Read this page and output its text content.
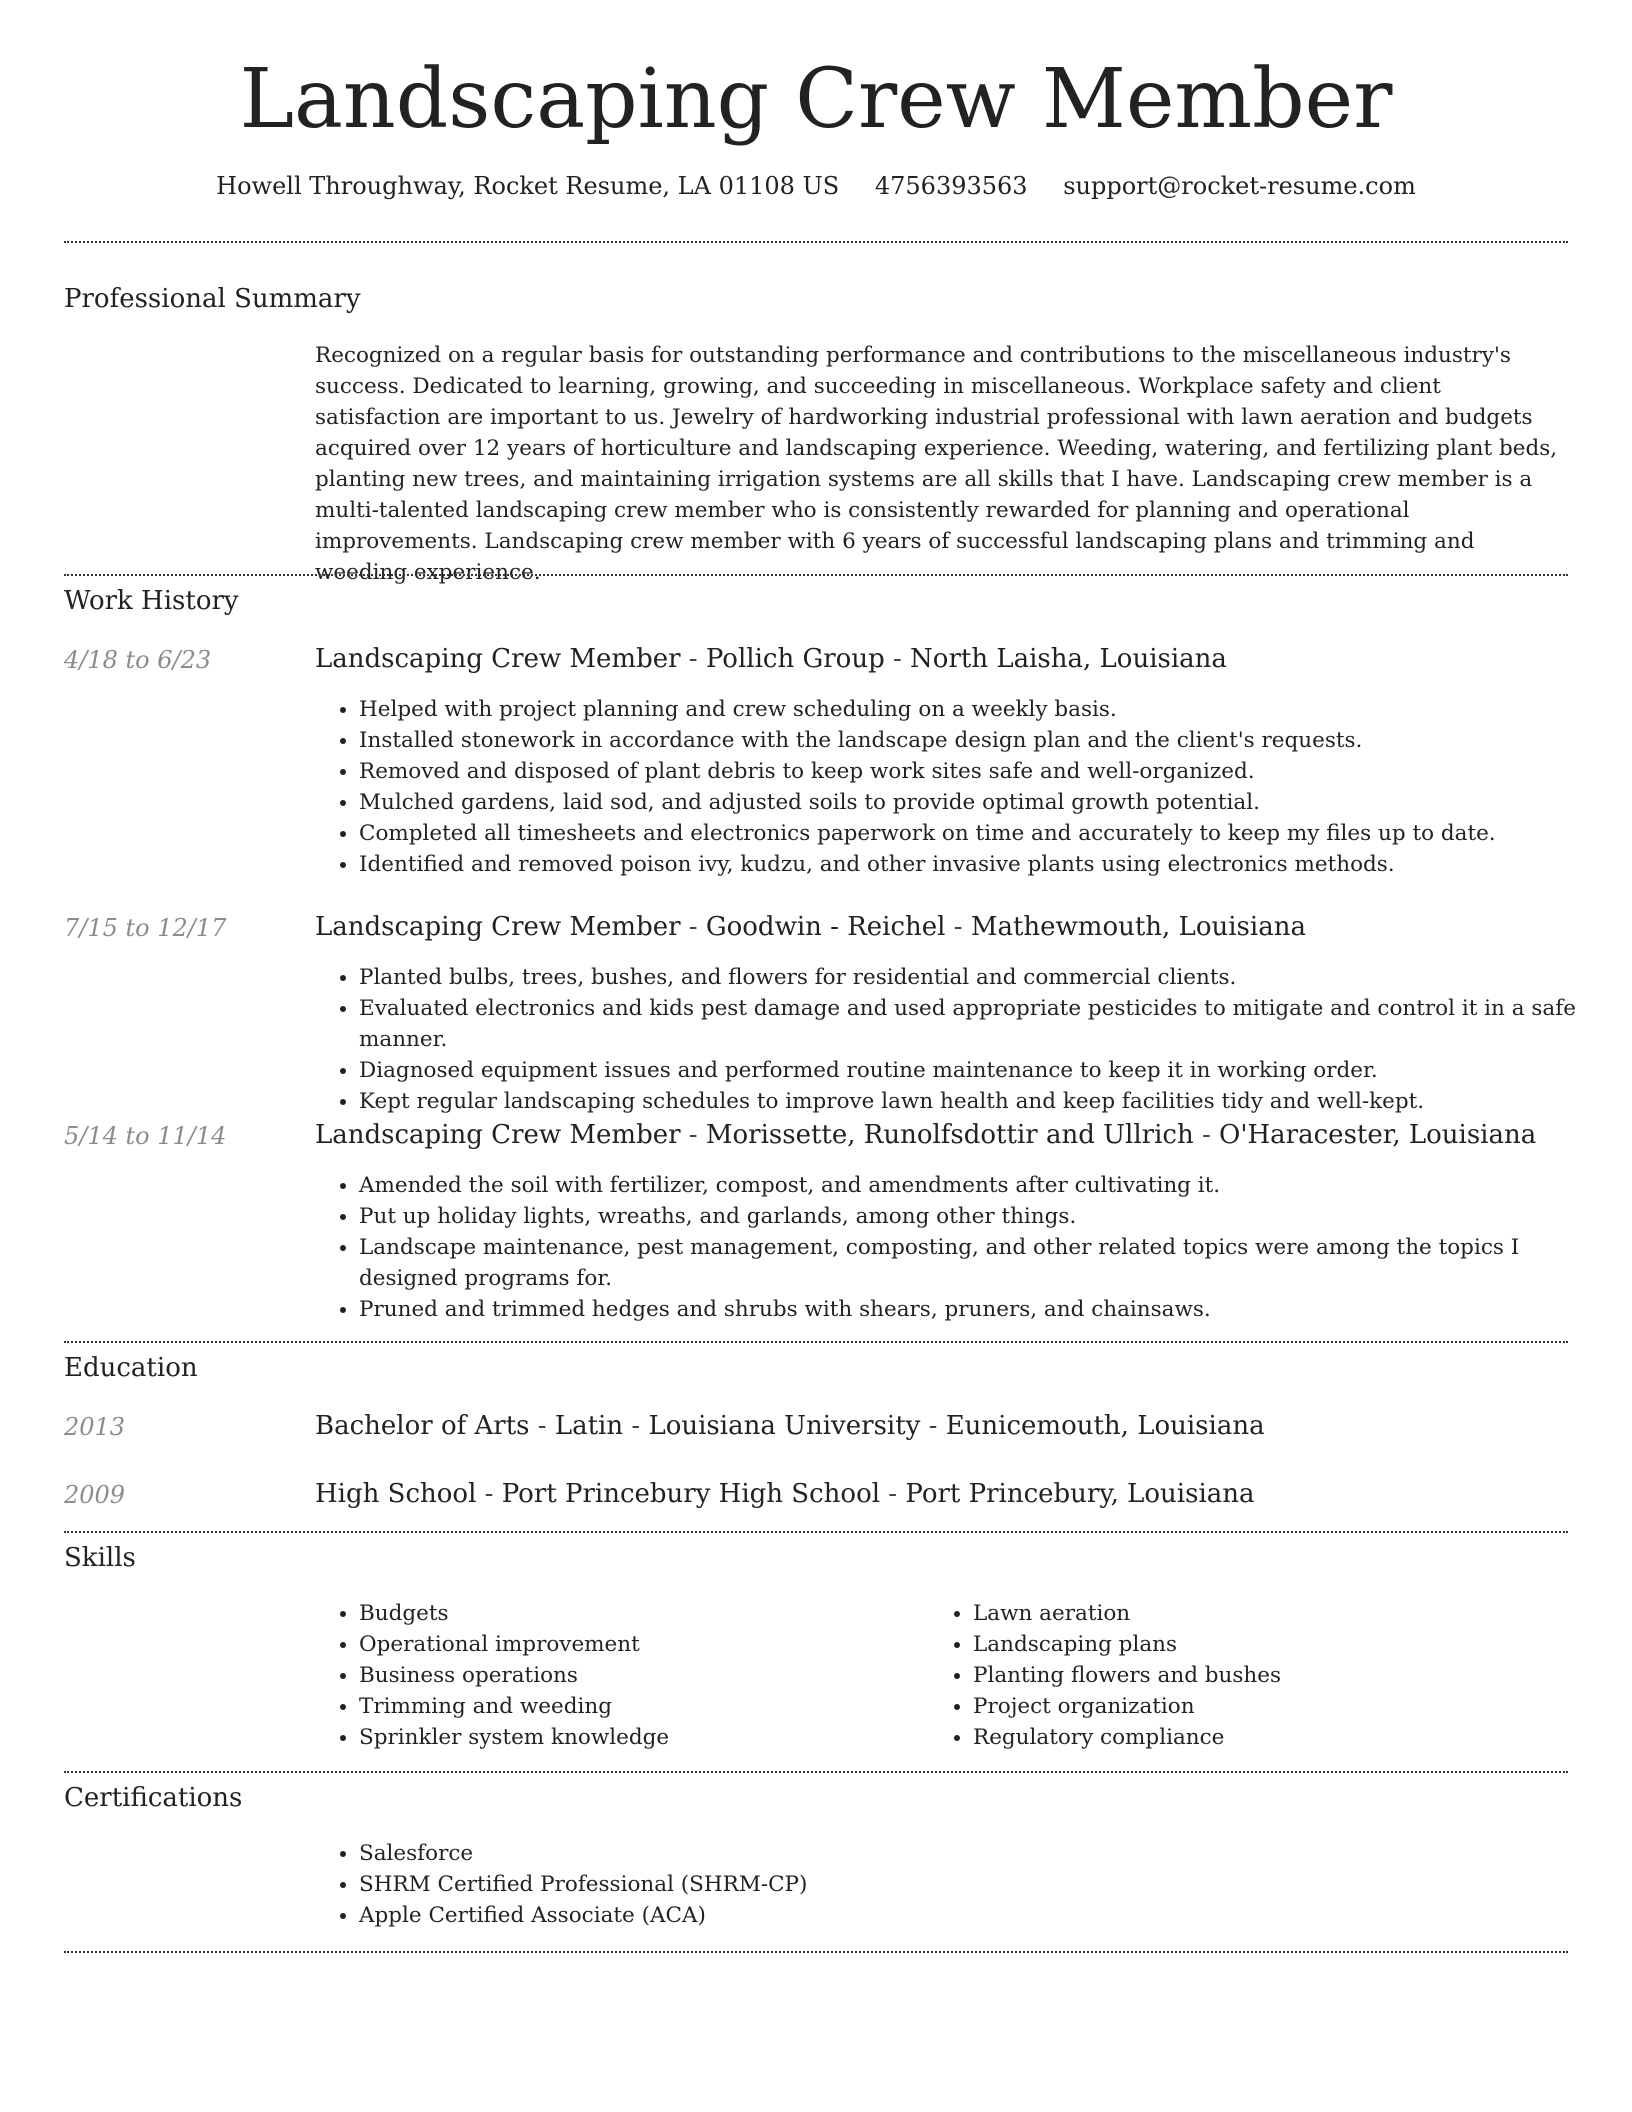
Landscaping Crew Member
Howell Throughway, Rocket Resume, LA 01108 US 4756393563 support@rocket-resume.com
Professional Summary

Recognized on a regular basis for outstanding performance and contributions to the miscellaneous industry's success. Dedicated to learning, growing, and succeeding in miscellaneous. Workplace safety and client satisfaction are important to us. Jewelry of hardworking industrial professional with lawn aeration and budgets acquired over 12 years of horticulture and landscaping experience. Weeding, watering, and fertilizing plant beds, planting new trees, and maintaining irrigation systems are all skills that I have. Landscaping crew member is a multi-talented landscaping crew member who is consistently rewarded for planning and operational improvements. Landscaping crew member with 6 years of successful landscaping plans and trimming and weeding experience.

Work History
4/18 to 6/23	Landscaping Crew Member - Pollich Group - North Laisha, Louisiana
• Helped with project planning and crew scheduling on a weekly basis.
• Installed stonework in accordance with the landscape design plan and the client's requests.
• Removed and disposed of plant debris to keep work sites safe and well-organized.
• Mulched gardens, laid sod, and adjusted soils to provide optimal growth potential.
• Completed all timesheets and electronics paperwork on time and accurately to keep my files up to date.
• Identified and removed poison ivy, kudzu, and other invasive plants using electronics methods.
7/15 to 12/17	Landscaping Crew Member - Goodwin - Reichel - Mathewmouth, Louisiana
• Planted bulbs, trees, bushes, and flowers for residential and commercial clients.
• Evaluated electronics and kids pest damage and used appropriate pesticides to mitigate and control it in a safe manner.
• Diagnosed equipment issues and performed routine maintenance to keep it in working order.
• Kept regular landscaping schedules to improve lawn health and keep facilities tidy and well-kept.
5/14 to 11/14	Landscaping Crew Member - Morissette, Runolfsdottir and Ullrich - O'Haracester, Louisiana
• Amended the soil with fertilizer, compost, and amendments after cultivating it.
• Put up holiday lights, wreaths, and garlands, among other things.
• Landscape maintenance, pest management, composting, and other related topics were among the topics I designed programs for.
• Pruned and trimmed hedges and shrubs with shears, pruners, and chainsaws.
Education
2013	Bachelor of Arts - Latin - Louisiana University - Eunicemouth, Louisiana
2009	High School - Port Princebury High School - Port Princebury, Louisiana
Skills
• Budgets
• Operational improvement
• Business operations
• Trimming and weeding
• Sprinkler system knowledge
• Lawn aeration
• Landscaping plans
• Planting flowers and bushes
• Project organization
• Regulatory compliance
Certifications
• Salesforce
• SHRM Certified Professional (SHRM-CP)
• Apple Certified Associate (ACA)
